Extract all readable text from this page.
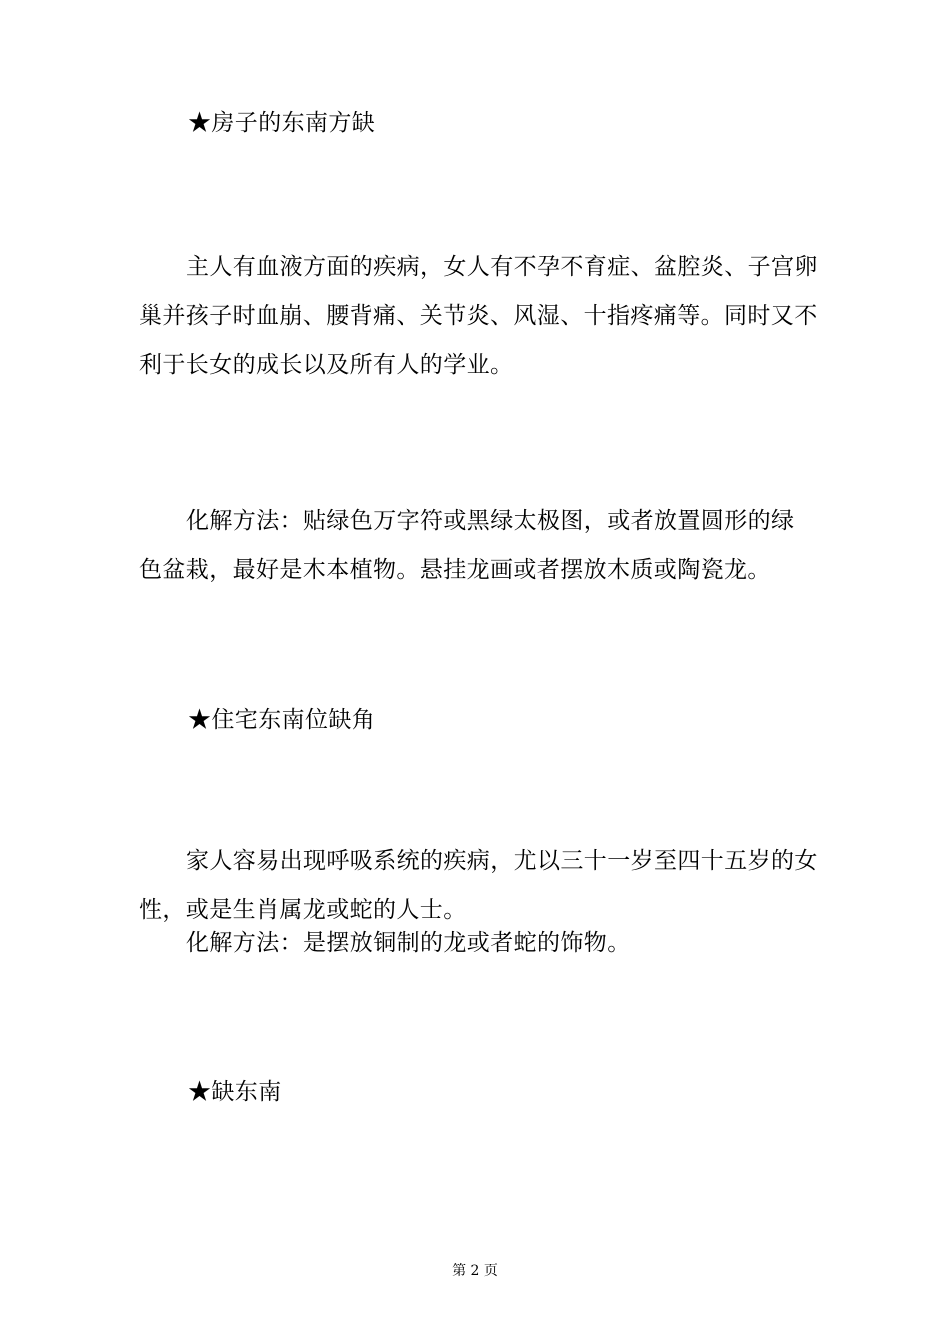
★房子的东南方缺
主人有血液方面的疾病，女人有不孕不育症、盆腔炎、子宫卵
巢并孩子时血崩、腰背痛、关节炎、风湿、十指疼痛等。同时又不
利于长女的成长以及所有人的学业。
化解方法：贴绿色万字符或黑绿太极图，或者放置圆形的绿
色盆栽，最好是木本植物。悬挂龙画或者摆放木质或陶瓷龙。
★住宅东南位缺角
家人容易出现呼吸系统的疾病，尤以三十一岁至四十五岁的女
性，或是生肖属龙或蛇的人士。
化解方法：是摆放铜制的龙或者蛇的饰物。
★缺东南
第 2 页
